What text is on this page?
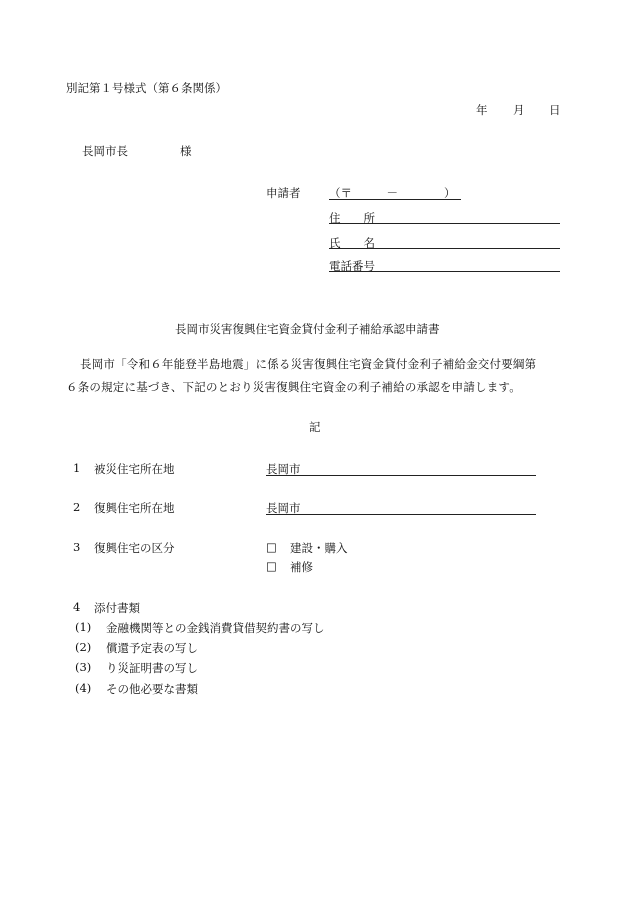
別記第１号様式（第６条関係）
年 月 日
長岡市長	様
申請者 （〒　　　－　　　　）
住　　所
氏　　名
電話番号
長岡市災害復興住宅資金貸付金利子補給承認申請書
長岡市「令和６年能登半島地震」に係る災害復興住宅資金貸付金利子補給金交付要綱第
６条の規定に基づき、下記のとおり災害復興住宅資金の利子補給の承認を申請します。
記
1 被災住宅所在地	長岡市
2 復興住宅所在地	長岡市
3 復興住宅の区分	□ 建設・購入
□ 補修
4 添付書類
(1) 金融機関等との金銭消費貸借契約書の写し
(2) 償還予定表の写し
(3) り災証明書の写し
(4) その他必要な書類
